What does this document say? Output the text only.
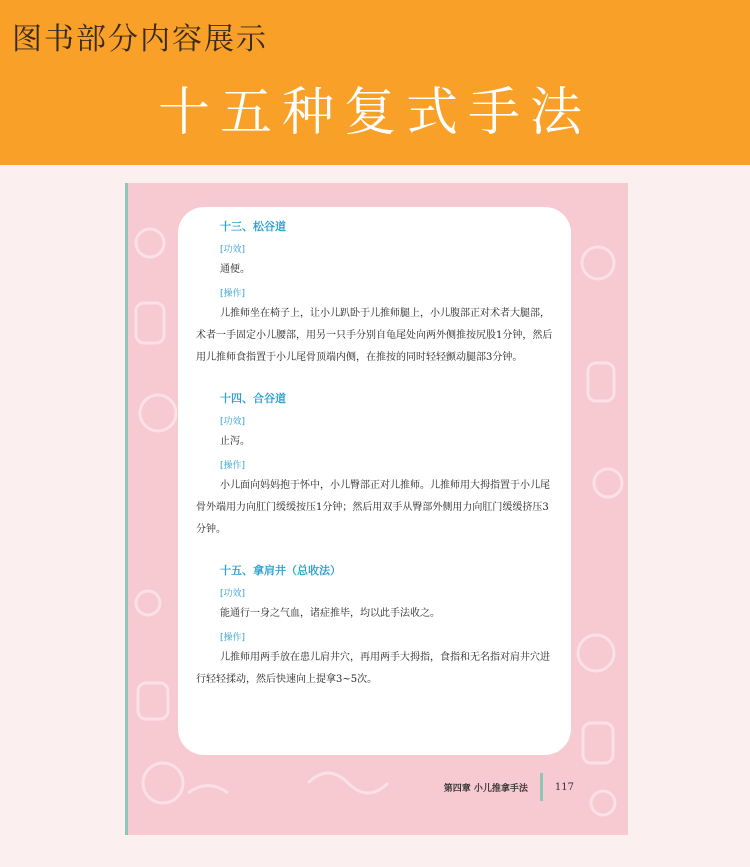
图书部分内容展示
十五种复式手法
十三、松谷道
[功效]

通便。

[操作]

儿推师坐在椅子上，让小儿趴卧于儿推师腿上，小儿腹部正对术者大腿部，术者一手固定小儿腰部，用另一只手分别自龟尾处向两外侧推按尻股1分钟，然后用儿推师食指置于小儿尾骨顶端内侧，在推按的同时轻轻颤动腿部3分钟。

十四、合谷道
[功效]

止泻。

[操作]

小儿面向妈妈抱于怀中，小儿臀部正对儿推师。儿推师用大拇指置于小儿尾骨外端用力向肛门缓缓按压1分钟；然后用双手从臀部外侧用力向肛门缓缓挤压3分钟。

十五、拿肩井（总收法）
[功效]

能通行一身之气血，诸症推毕，均以此手法收之。

[操作]

儿推师用两手放在患儿肩井穴，再用两手大拇指，食指和无名指对肩井穴进行轻轻揉动，然后快速向上提拿3~5次。

第四章 小儿推拿手法	117
